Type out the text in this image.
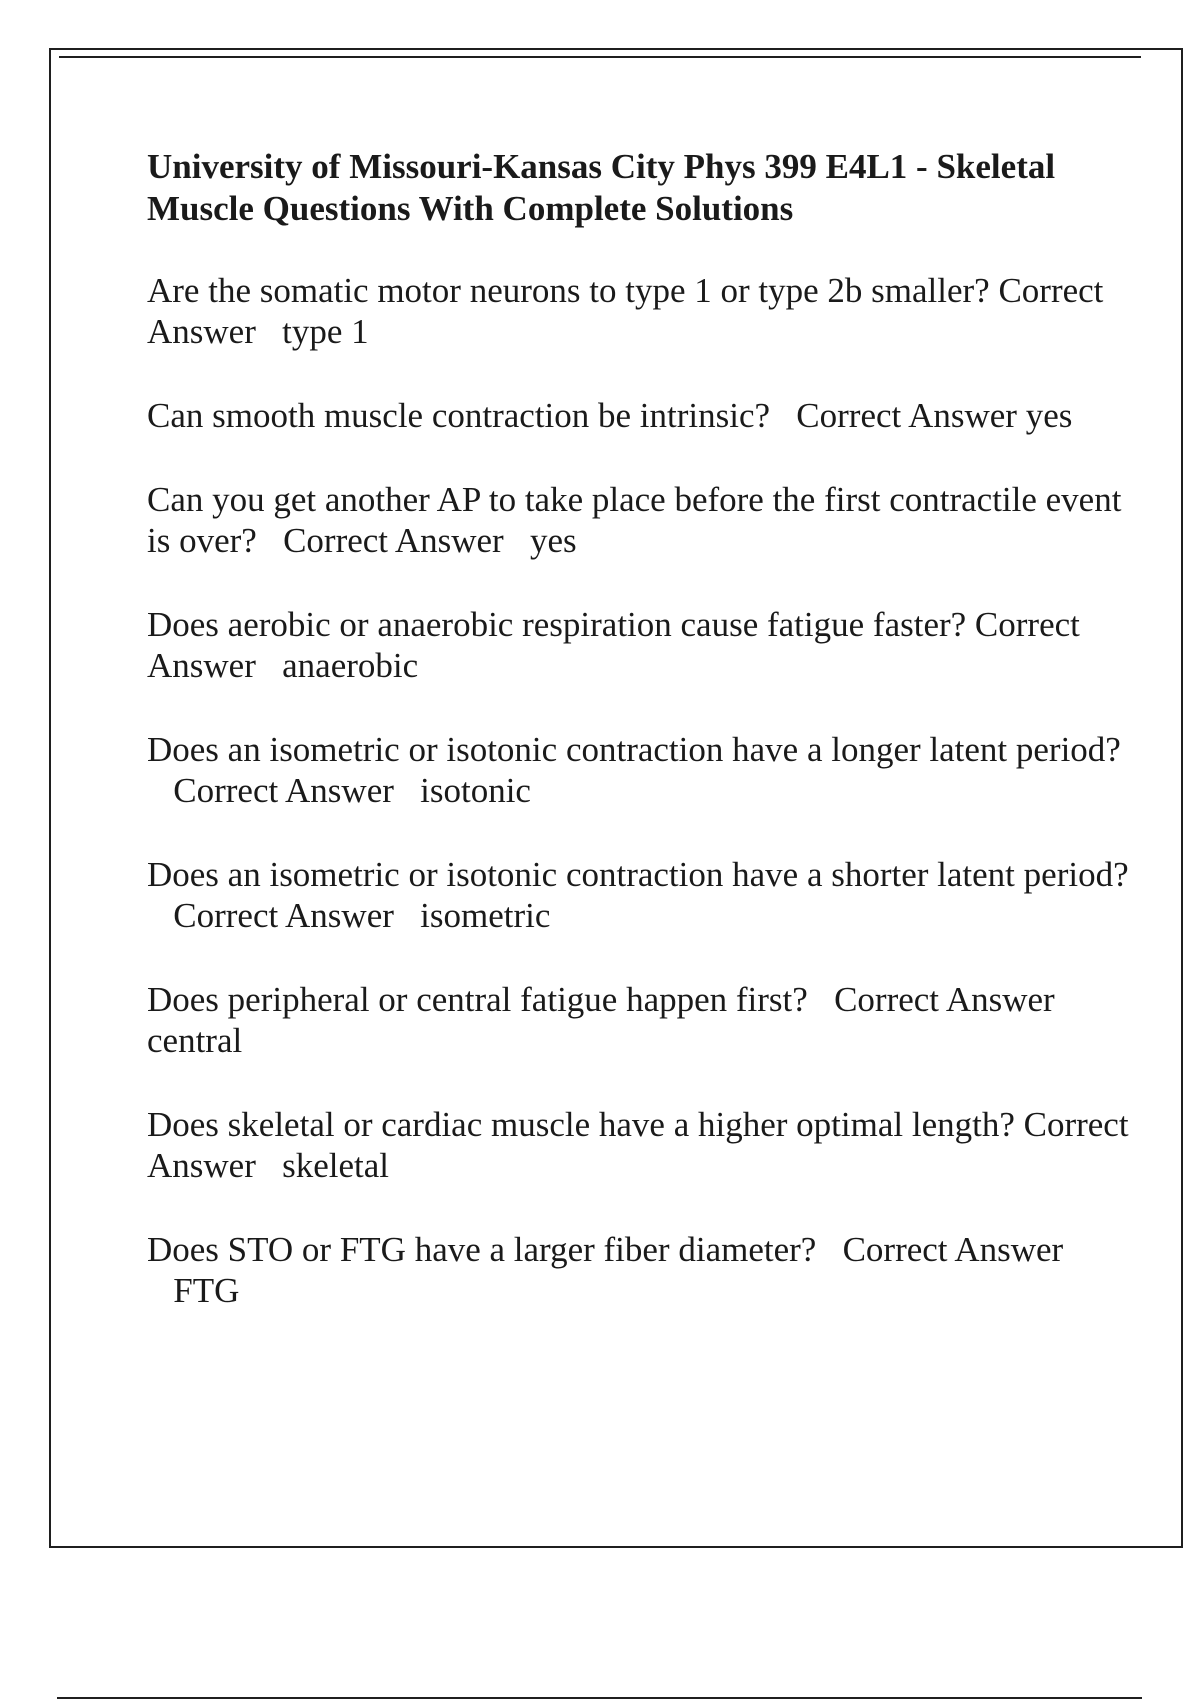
University of Missouri-Kansas City Phys 399 E4L1 - Skeletal Muscle Questions With Complete Solutions
Are the somatic motor neurons to type 1 or type 2b smaller? Correct Answer type 1
Can smooth muscle contraction be intrinsic? Correct Answer yes
Can you get another AP to take place before the first contractile event is over? Correct Answer yes
Does aerobic or anaerobic respiration cause fatigue faster? Correct Answer anaerobic
Does an isometric or isotonic contraction have a longer latent period?   Correct Answer isotonic
Does an isometric or isotonic contraction have a shorter latent period?   Correct Answer isometric
Does peripheral or central fatigue happen first? Correct Answer central
Does skeletal or cardiac muscle have a higher optimal length? Correct Answer skeletal
Does STO or FTG have a larger fiber diameter? Correct Answer   FTG
